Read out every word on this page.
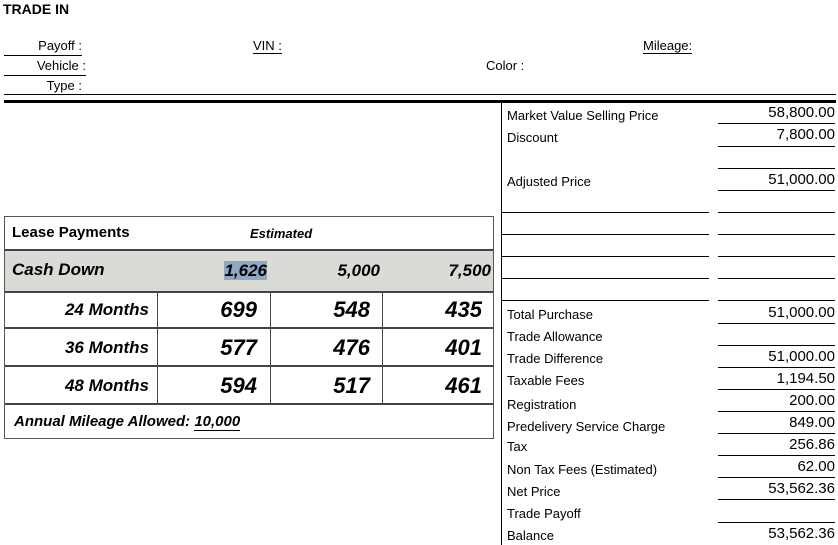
TRADE IN
Payoff :
Vehicle :
Type :
VIN :
Color :
Mileage:
Market Value Selling Price	58,800.00
Discount	7,800.00
Adjusted Price	51,000.00
Total Purchase	51,000.00
Trade Allowance
Trade Difference	51,000.00
Taxable Fees	1,194.50
Registration	200.00
Predelivery Service Charge	849.00
Tax	256.86
Non Tax Fees (Estimated)	62.00
Net Price	53,562.36
Trade Payoff
Balance	53,562.36
Lease Payments	Estimated
Cash Down	1,626	5,000	7,500
24 Months	699	548	435
36 Months	577	476	401
48 Months	594	517	461
Annual Mileage Allowed: 10,000
